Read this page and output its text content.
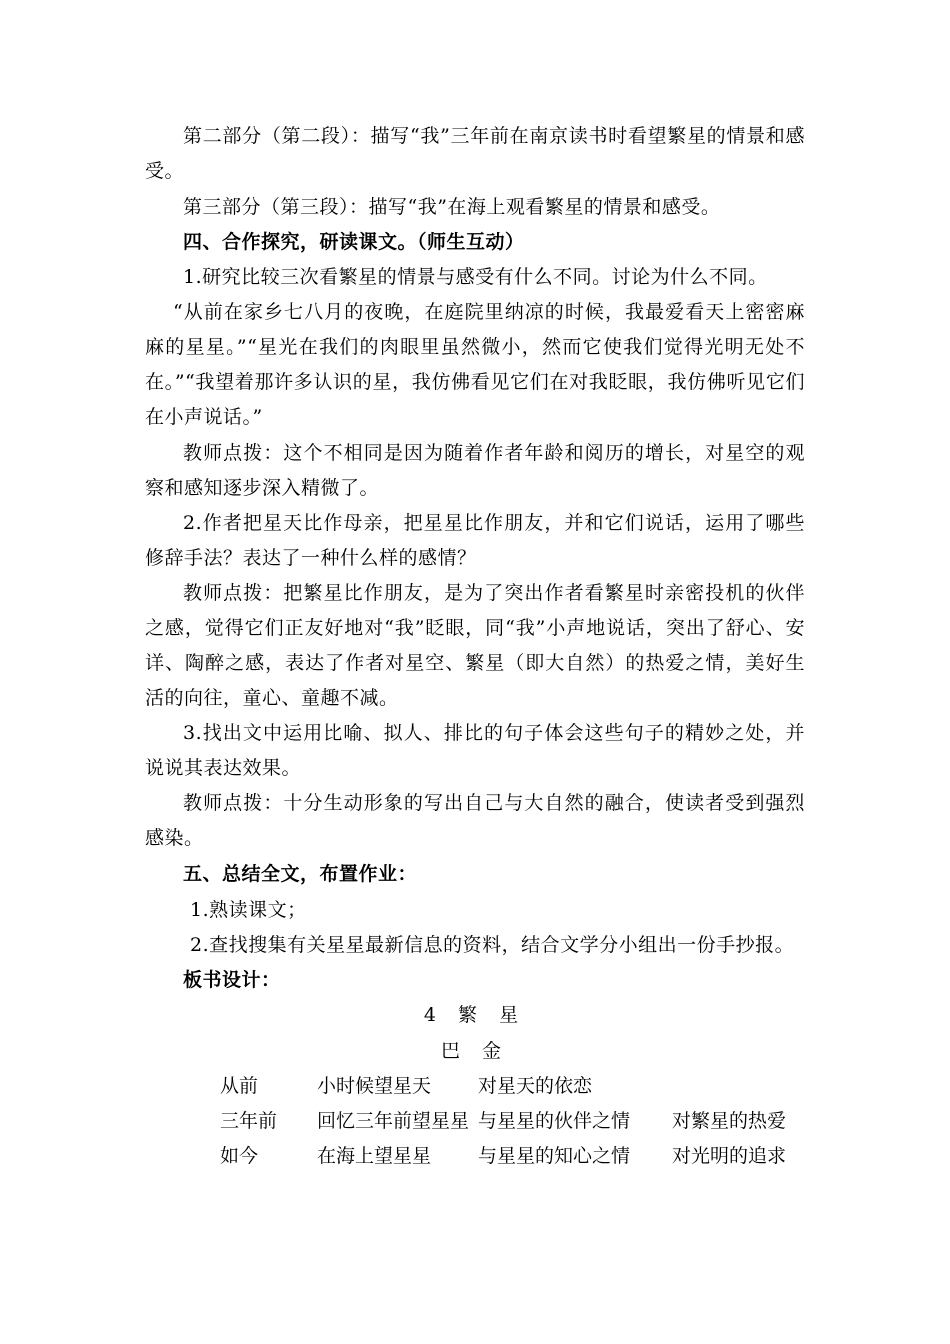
第二部分（第二段）：描写“我”三年前在南京读书时看望繁星的情景和感受。

第三部分（第三段）：描写“我”在海上观看繁星的情景和感受。

四、合作探究，研读课文。（师生互动）

1.研究比较三次看繁星的情景与感受有什么不同。讨论为什么不同。

“从前在家乡七八月的夜晚，在庭院里纳凉的时候，我最爱看天上密密麻麻的星星。”“星光在我们的肉眼里虽然微小，然而它使我们觉得光明无处不在。”“我望着那许多认识的星，我仿佛看见它们在对我眨眼，我仿佛听见它们在小声说话。”

教师点拨：这个不相同是因为随着作者年龄和阅历的增长，对星空的观察和感知逐步深入精微了。

2.作者把星天比作母亲，把星星比作朋友，并和它们说话，运用了哪些修辞手法？表达了一种什么样的感情？

教师点拨：把繁星比作朋友，是为了突出作者看繁星时亲密投机的伙伴之感，觉得它们正友好地对“我”眨眼，同“我”小声地说话，突出了舒心、安详、陶醉之感，表达了作者对星空、繁星（即大自然）的热爱之情，美好生活的向往，童心、童趣不减。

3.找出文中运用比喻、拟人、排比的句子体会这些句子的精妙之处，并说说其表达效果。

教师点拨：十分生动形象的写出自己与大自然的融合，使读者受到强烈感染。

五、总结全文，布置作业：

1.熟读课文；

2.查找搜集有关星星最新信息的资料，结合文学分小组出一份手抄报。

板书设计：

4 繁 星

巴 金

从前	小时候望星天 对星天的依恋
三年前 回忆三年前望星星 与星星的伙伴之情 对繁星的热爱
如今	在海上望星星 与星星的知心之情 对光明的追求
